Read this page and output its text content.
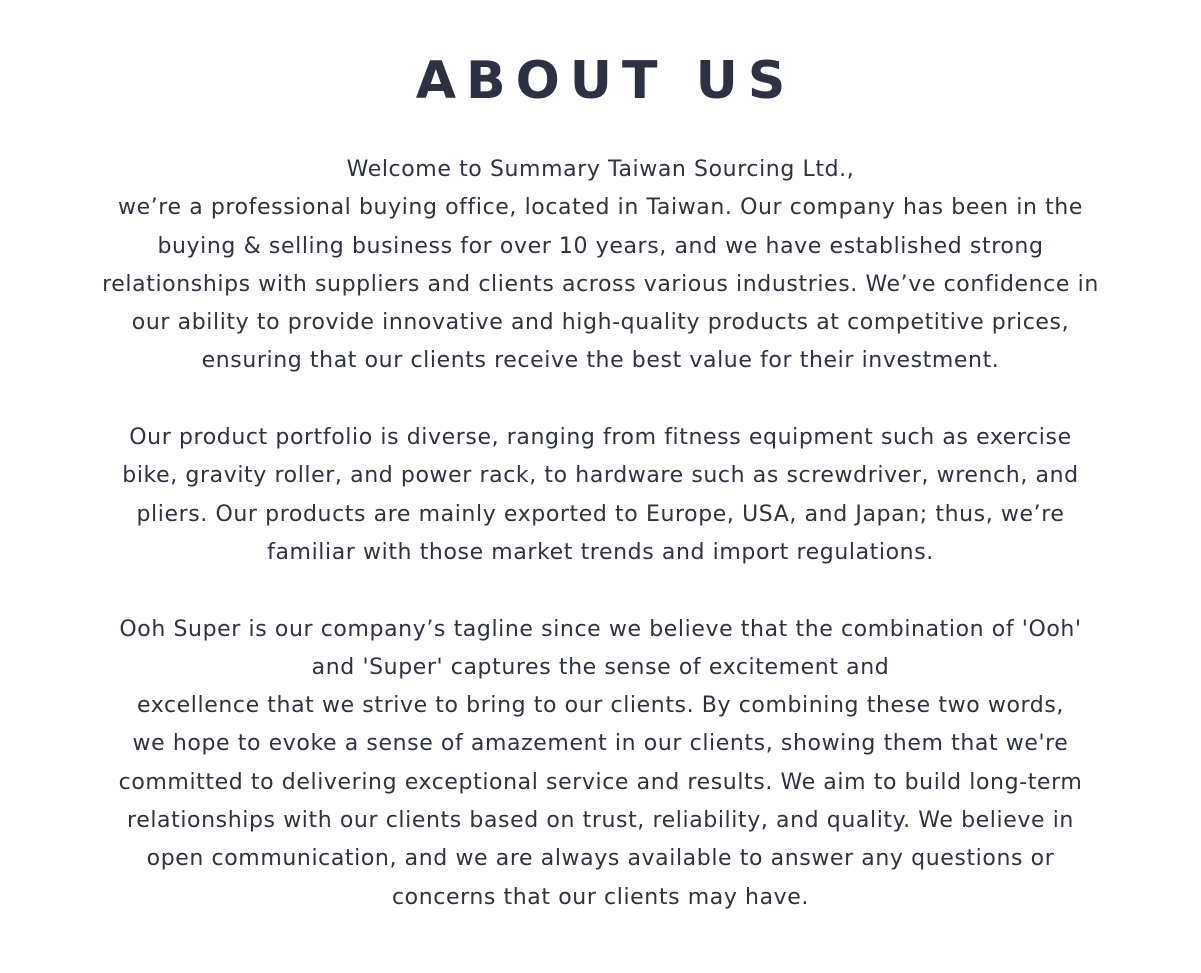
ABOUT US

Welcome to Summary Taiwan Sourcing Ltd.,
we’re a professional buying office, located in Taiwan. Our company has been in the
buying & selling business for over 10 years, and we have established strong
relationships with suppliers and clients across various industries. We’ve confidence in
our ability to provide innovative and high-quality products at competitive prices,
ensuring that our clients receive the best value for their investment.

Our product portfolio is diverse, ranging from fitness equipment such as exercise
bike, gravity roller, and power rack, to hardware such as screwdriver, wrench, and
pliers. Our products are mainly exported to Europe, USA, and Japan; thus, we’re
familiar with those market trends and import regulations.

Ooh Super is our company’s tagline since we believe that the combination of 'Ooh'
and 'Super' captures the sense of excitement and
excellence that we strive to bring to our clients. By combining these two words,
we hope to evoke a sense of amazement in our clients, showing them that we're
committed to delivering exceptional service and results. We aim to build long-term
relationships with our clients based on trust, reliability, and quality. We believe in
open communication, and we are always available to answer any questions or
concerns that our clients may have.
